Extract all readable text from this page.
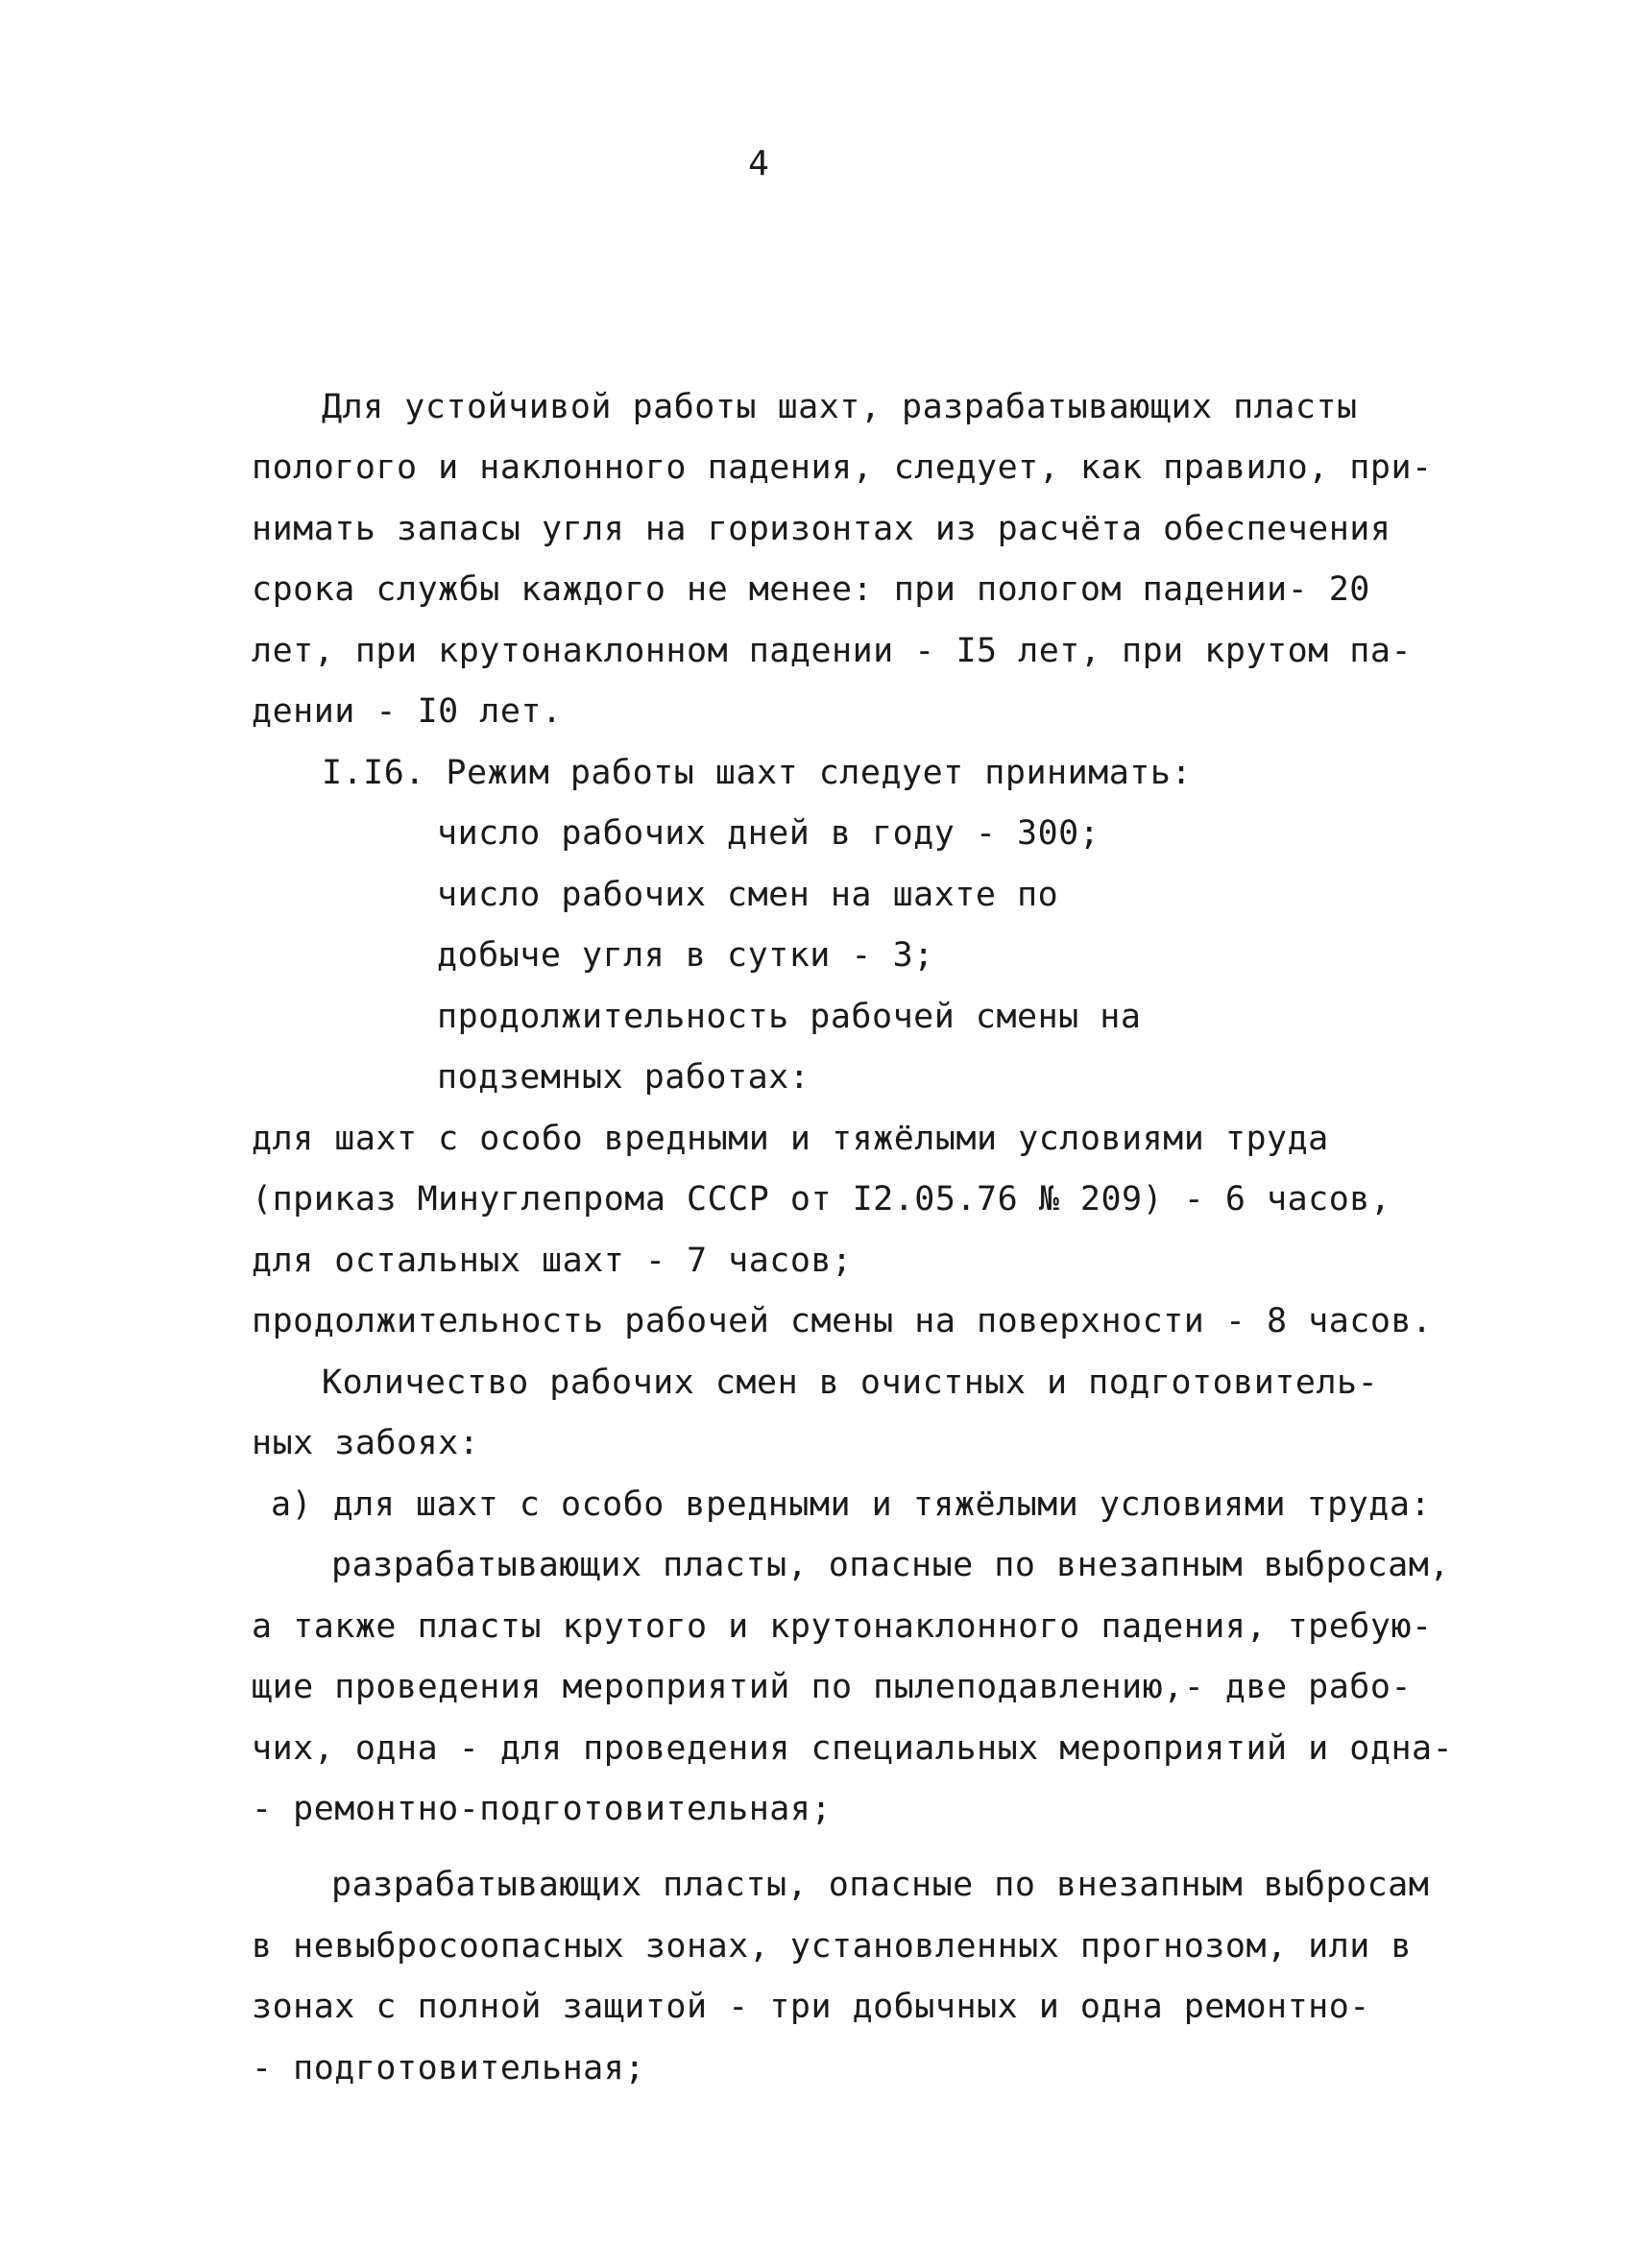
4
Для устойчивой работы шахт, разрабатывающих пласты
пологого и наклонного падения, следует, как правило, при-
нимать запасы угля на горизонтах из расчёта обеспечения
срока службы каждого не менее: при пологом падении- 20
лет, при крутонаклонном падении - I5 лет, при крутом па-
дении - I0 лет.
I.I6. Режим работы шахт следует принимать:
число рабочих дней в году - 300;
число рабочих смен на шахте по
добыче угля в сутки - 3;
продолжительность рабочей смены на
подземных работах:
для шахт с особо вредными и тяжёлыми условиями труда
(приказ Минуглепрома СССР от I2.05.76 № 209) - 6 часов,
для остальных шахт - 7 часов;
продолжительность рабочей смены на поверхности - 8 часов.
Количество рабочих смен в очистных и подготовитель-
ных забоях:
а) для шахт с особо вредными и тяжёлыми условиями труда:
разрабатывающих пласты, опасные по внезапным выбросам,
а также пласты крутого и крутонаклонного падения, требую-
щие проведения мероприятий по пылеподавлению,- две рабо-
чих, одна - для проведения специальных мероприятий и одна-
- ремонтно-подготовительная;
разрабатывающих пласты, опасные по внезапным выбросам
в невыбросоопасных зонах, установленных прогнозом, или в
зонах с полной защитой - три добычных и одна ремонтно-
- подготовительная;
